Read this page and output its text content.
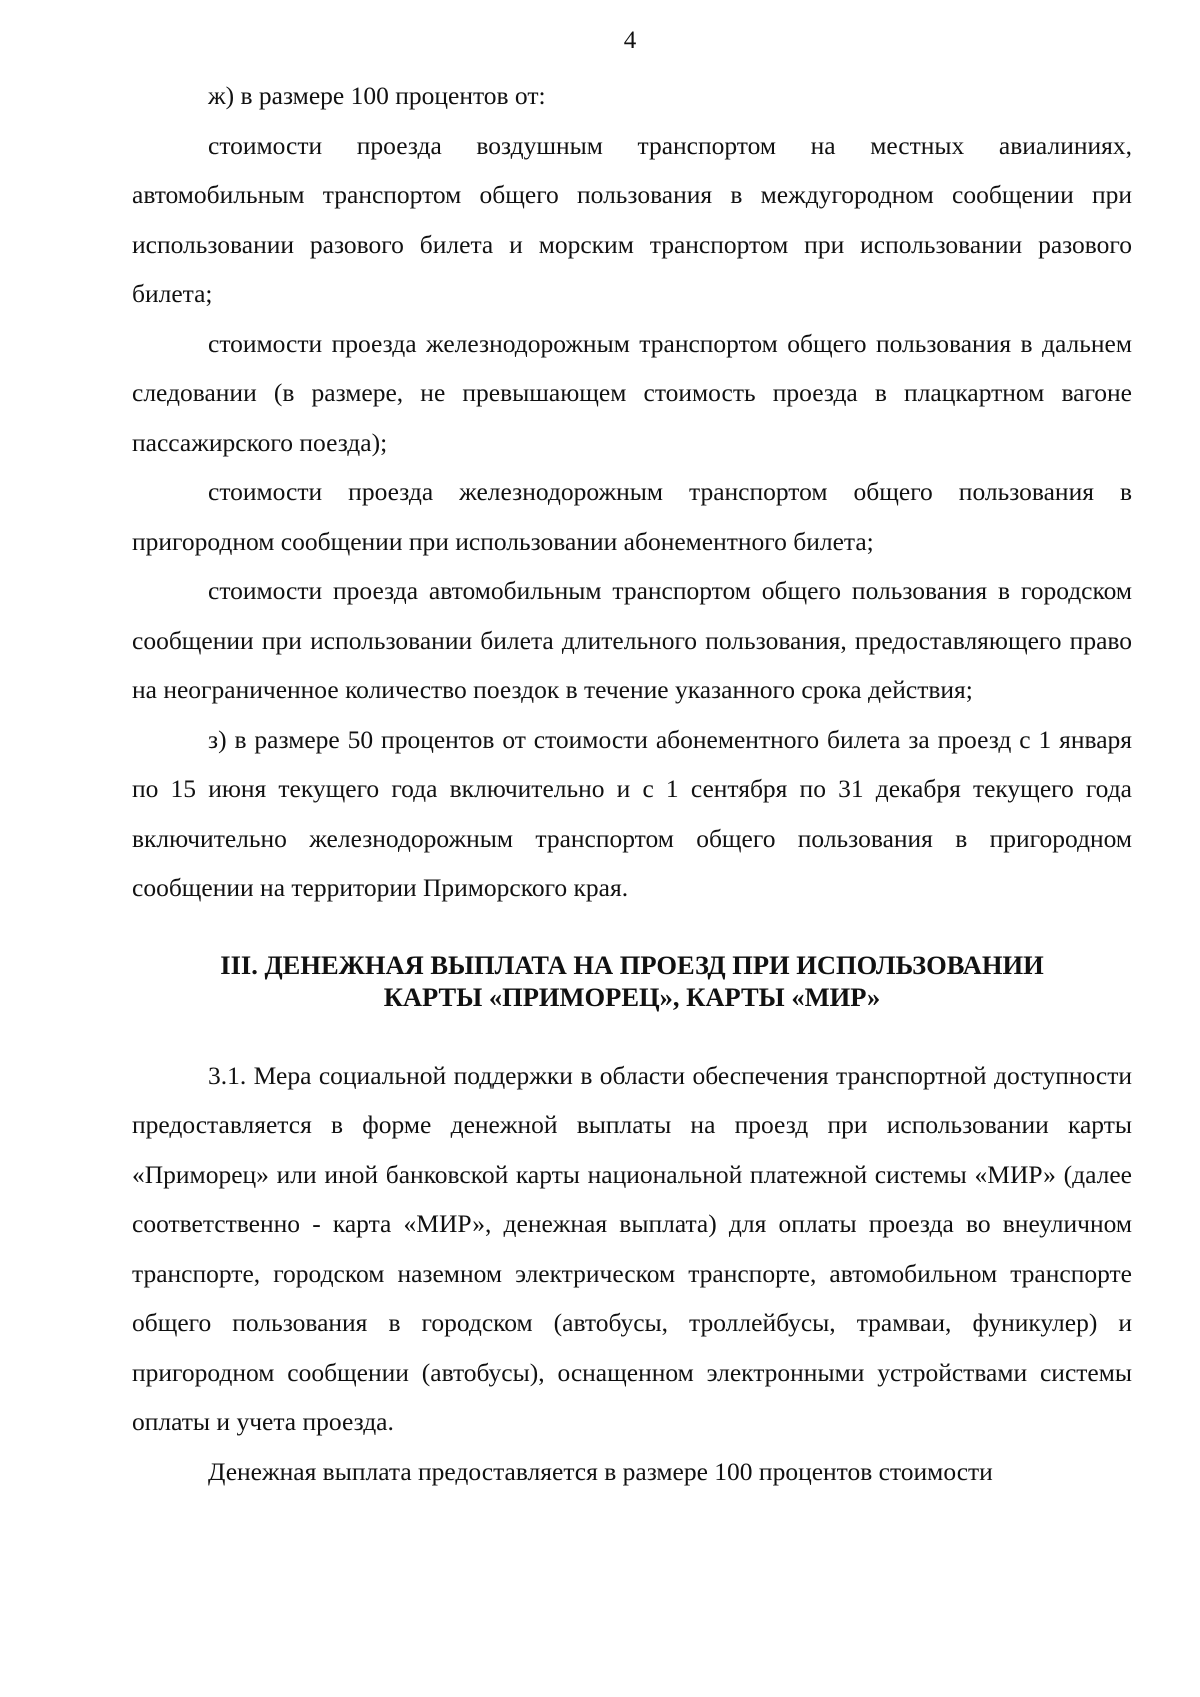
4

ж) в размере 100 процентов от:

стоимости проезда воздушным транспортом на местных авиалиниях, автомобильным транспортом общего пользования в междугородном сообщении при использовании разового билета и морским транспортом при использовании разового билета;

стоимости проезда железнодорожным транспортом общего пользования в дальнем следовании (в размере, не превышающем стоимость проезда в плацкартном вагоне пассажирского поезда);

стоимости проезда железнодорожным транспортом общего пользования в пригородном сообщении при использовании абонементного билета;

стоимости проезда автомобильным транспортом общего пользования в городском сообщении при использовании билета длительного пользования, предоставляющего право на неограниченное количество поездок в течение указанного срока действия;

з) в размере 50 процентов от стоимости абонементного билета за проезд с 1 января по 15 июня текущего года включительно и с 1 сентября по 31 декабря текущего года включительно железнодорожным транспортом общего пользования в пригородном сообщении на территории Приморского края.

III. ДЕНЕЖНАЯ ВЫПЛАТА НА ПРОЕЗД ПРИ ИСПОЛЬЗОВАНИИ
КАРТЫ «ПРИМОРЕЦ», КАРТЫ «МИР»

3.1. Мера социальной поддержки в области обеспечения транспортной доступности предоставляется в форме денежной выплаты на проезд при использовании карты «Приморец» или иной банковской карты национальной платежной системы «МИР» (далее соответственно - карта «МИР», денежная выплата) для оплаты проезда во внеуличном транспорте, городском наземном электрическом транспорте, автомобильном транспорте общего пользования в городском (автобусы, троллейбусы, трамваи, фуникулер) и пригородном сообщении (автобусы), оснащенном электронными устройствами системы оплаты и учета проезда.

Денежная выплата предоставляется в размере 100 процентов стоимости
